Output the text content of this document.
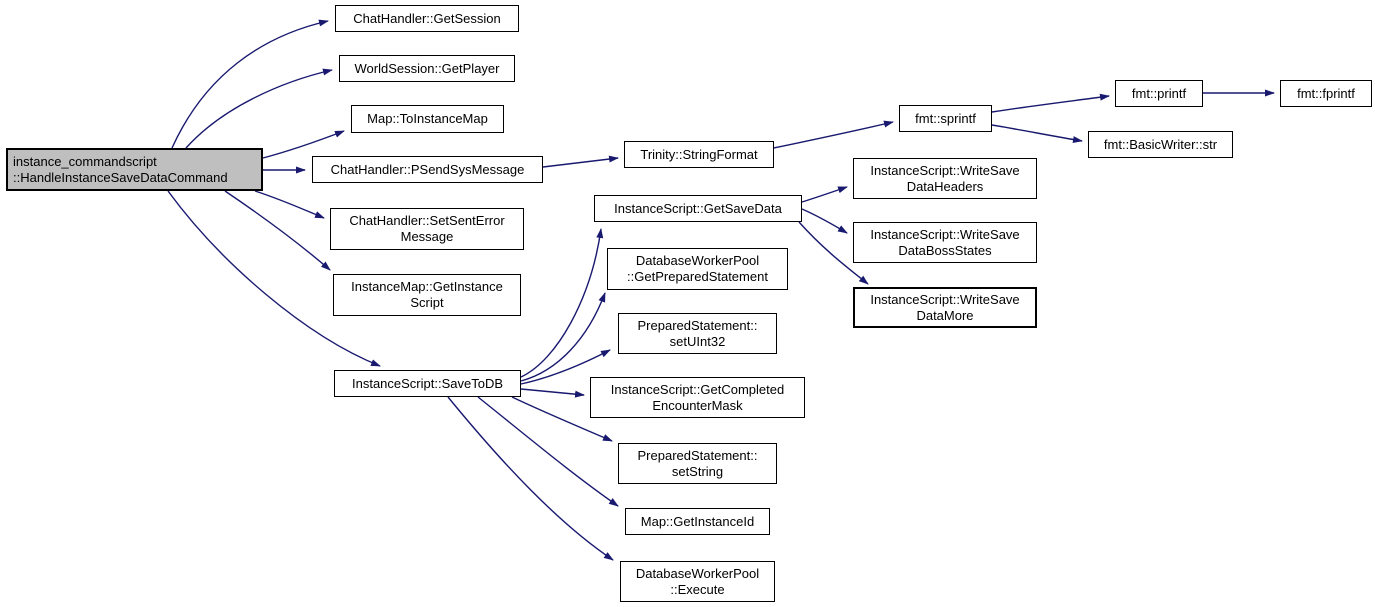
instance_commandscript
::HandleInstanceSaveDataCommand
ChatHandler::GetSession
WorldSession::GetPlayer
Map::ToInstanceMap
ChatHandler::PSendSysMessage
ChatHandler::SetSentError
Message
InstanceMap::GetInstance
Script
InstanceScript::SaveToDB
Trinity::StringFormat
InstanceScript::GetSaveData
fmt::sprintf
fmt::printf	fmt::fprintf
fmt::BasicWriter::str
InstanceScript::WriteSave
DataHeaders
InstanceScript::WriteSave
DataBossStates
InstanceScript::WriteSave
DataMore
DatabaseWorkerPool
::GetPreparedStatement
PreparedStatement::
setUInt32
InstanceScript::GetCompleted
EncounterMask
PreparedStatement::
setString
Map::GetInstanceId
DatabaseWorkerPool
::Execute
